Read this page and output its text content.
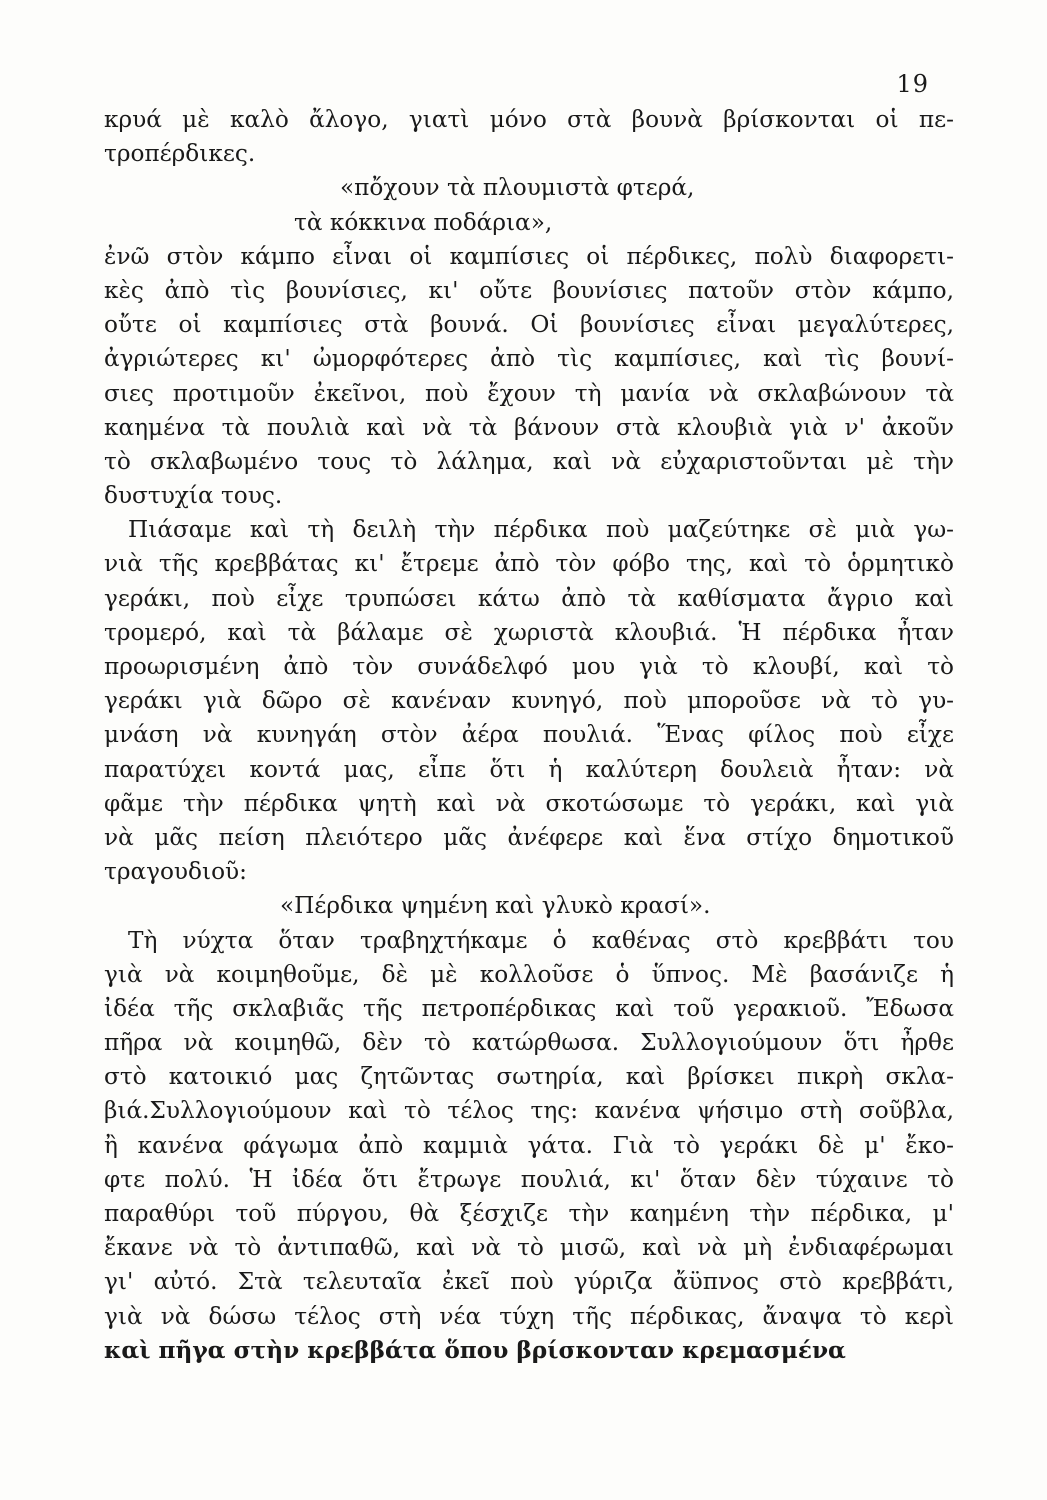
19
κρυά μὲ καλὸ ἄλογο, γιατὶ μόνο στὰ βουνὰ βρίσκονται οἱ πε-
τροπέρδικες.
«πὄχουν τὰ πλουμιστὰ φτερά,
τὰ κόκκινα ποδάρια»,
ἐνῶ στὸν κάμπο εἶναι οἱ καμπίσιες οἱ πέρδικες, πολὺ διαφορετι-
κὲς ἀπὸ τὶς βουνίσιες, κι' οὔτε βουνίσιες πατοῦν στὸν κάμπο,
οὔτε οἱ καμπίσιες στὰ βουνά. Οἱ βουνίσιες εἶναι μεγαλύτερες,
ἀγριώτερες κι' ὠμορφότερες ἀπὸ τὶς καμπίσιες, καὶ τὶς βουνί-
σιες προτιμοῦν ἐκεῖνοι, ποὺ ἔχουν τὴ μανία νὰ σκλαβώνουν τὰ
καημένα τὰ πουλιὰ καὶ νὰ τὰ βάνουν στὰ κλουβιὰ γιὰ ν' ἀκοῦν
τὸ σκλαβωμένο τους τὸ λάλημα, καὶ νὰ εὐχαριστοῦνται μὲ τὴν
δυστυχία τους.
Πιάσαμε καὶ τὴ δειλὴ τὴν πέρδικα ποὺ μαζεύτηκε σὲ μιὰ γω-
νιὰ τῆς κρεββάτας κι' ἔτρεμε ἀπὸ τὸν φόβο της, καὶ τὸ ὁρμητικὸ
γεράκι, ποὺ εἶχε τρυπώσει κάτω ἀπὸ τὰ καθίσματα ἄγριο καὶ
τρομερό, καὶ τὰ βάλαμε σὲ χωριστὰ κλουβιά. Ἡ πέρδικα ἦταν
προωρισμένη ἀπὸ τὸν συνάδελφό μου γιὰ τὸ κλουβί, καὶ τὸ
γεράκι γιὰ δῶρο σὲ κανέναν κυνηγό, ποὺ μποροῦσε νὰ τὸ γυ-
μνάση νὰ κυνηγάη στὸν ἀέρα πουλιά. Ἕνας φίλος ποὺ εἶχε
παρατύχει κοντά μας, εἶπε ὅτι ἡ καλύτερη δουλειὰ ἦταν: νὰ
φᾶμε τὴν πέρδικα ψητὴ καὶ νὰ σκοτώσωμε τὸ γεράκι, καὶ γιὰ
νὰ μᾶς πείση πλειότερο μᾶς ἀνέφερε καὶ ἕνα στίχο δημοτικοῦ
τραγουδιοῦ:
«Πέρδικα ψημένη καὶ γλυκὸ κρασί».
Τὴ νύχτα ὅταν τραβηχτήκαμε ὁ καθένας στὸ κρεββάτι του
γιὰ νὰ κοιμηθοῦμε, δὲ μὲ κολλοῦσε ὁ ὕπνος. Μὲ βασάνιζε ἡ
ἰδέα τῆς σκλαβιᾶς τῆς πετροπέρδικας καὶ τοῦ γερακιοῦ. Ἔδωσα
πῆρα νὰ κοιμηθῶ, δὲν τὸ κατώρθωσα. Συλλογιούμουν ὅτι ἦρθε
στὸ κατοικιό μας ζητῶντας σωτηρία, καὶ βρίσκει πικρὴ σκλα-
βιά.Συλλογιούμουν καὶ τὸ τέλος της: κανένα ψήσιμο στὴ σοῦβλα,
ἢ κανένα φάγωμα ἀπὸ καμμιὰ γάτα. Γιὰ τὸ γεράκι δὲ μ' ἔκο-
φτε πολύ. Ἡ ἰδέα ὅτι ἔτρωγε πουλιά, κι' ὅταν δὲν τύχαινε τὸ
παραθύρι τοῦ πύργου, θὰ ξέσχιζε τὴν καημένη τὴν πέρδικα, μ'
ἔκανε νὰ τὸ ἀντιπαθῶ, καὶ νὰ τὸ μισῶ, καὶ νὰ μὴ ἐνδιαφέρωμαι
γι' αὐτό. Στὰ τελευταῖα ἐκεῖ ποὺ γύριζα ἄϋπνος στὸ κρεββάτι,
γιὰ νὰ δώσω τέλος στὴ νέα τύχη τῆς πέρδικας, ἄναψα τὸ κερὶ
καὶ πῆγα στὴν κρεββάτα ὅπου βρίσκονταν κρεμασμένα
